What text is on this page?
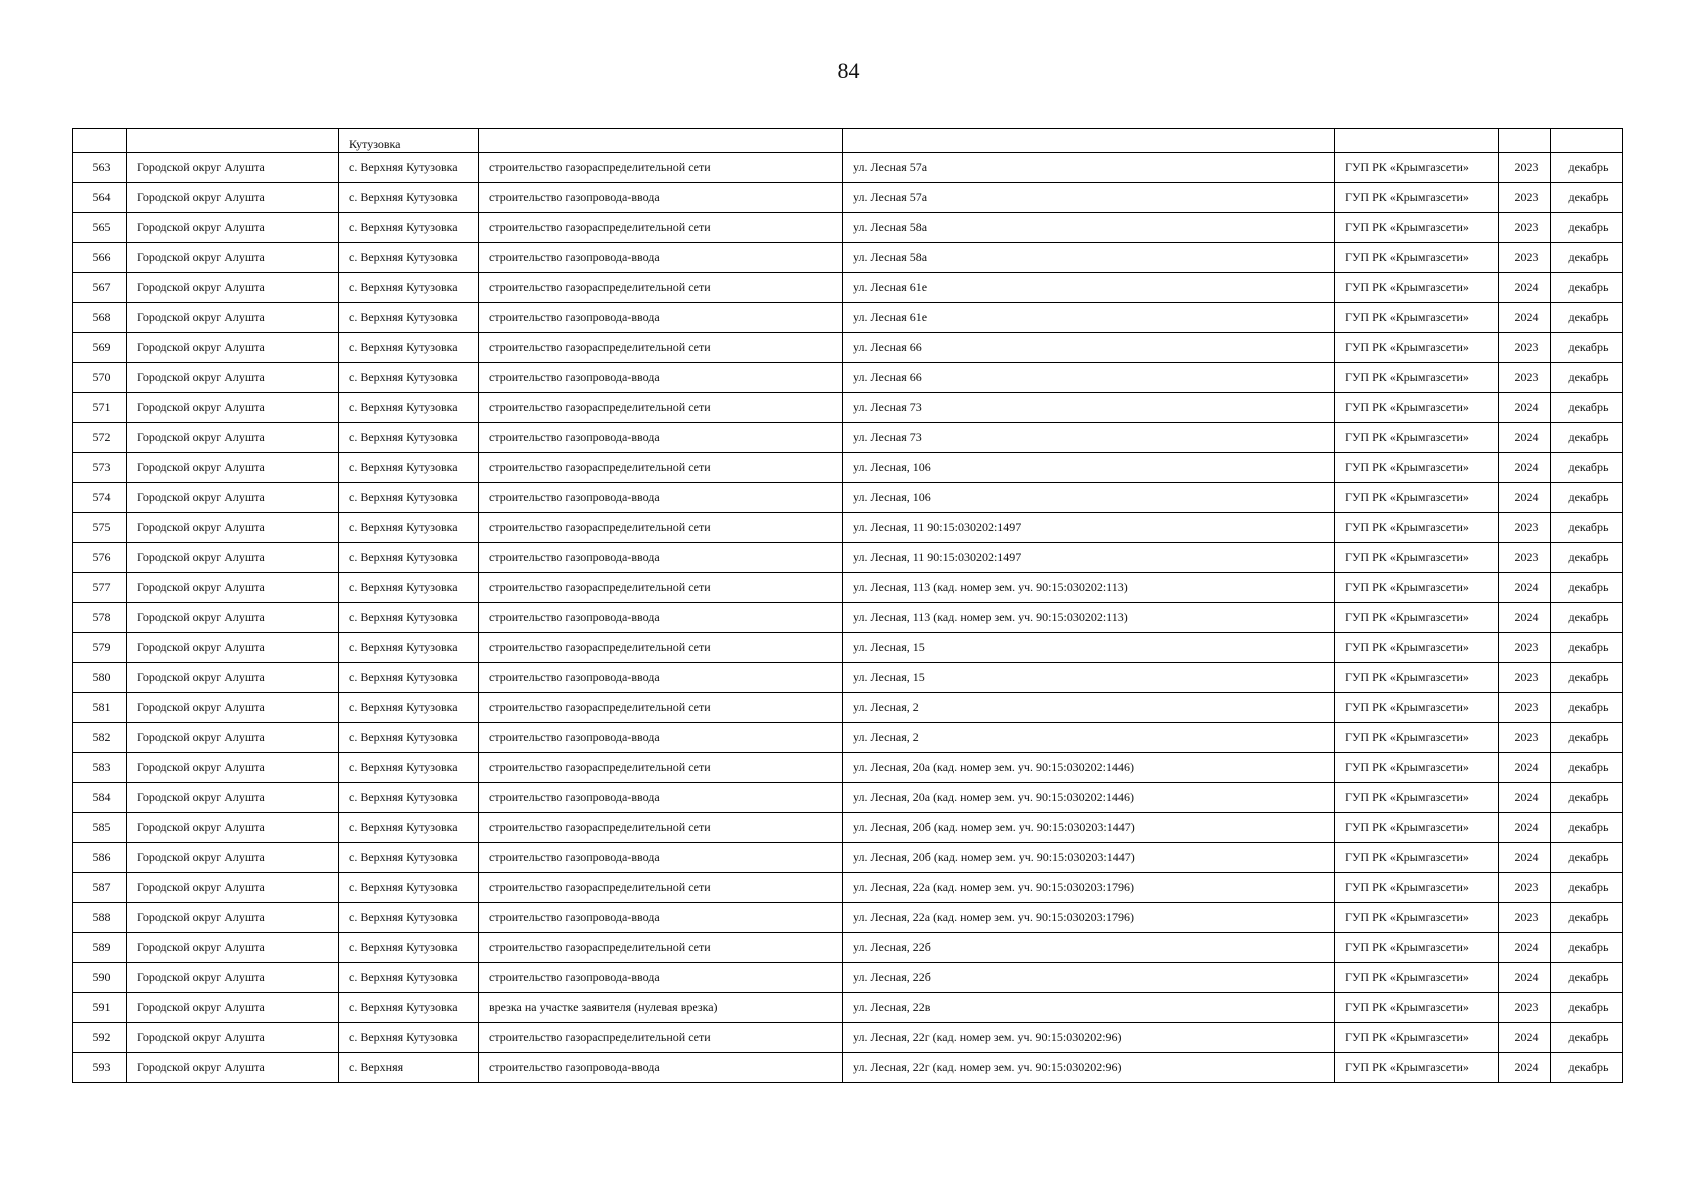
84
		Кутузовка					
563	Городской округ Алушта	с. Верхняя Кутузовка	строительство газораспределительной сети	ул. Лесная 57а	ГУП РК «Крымгазсети»	2023	декабрь
564	Городской округ Алушта	с. Верхняя Кутузовка	строительство газопровода-ввода	ул. Лесная 57а	ГУП РК «Крымгазсети»	2023	декабрь
565	Городской округ Алушта	с. Верхняя Кутузовка	строительство газораспределительной сети	ул. Лесная 58а	ГУП РК «Крымгазсети»	2023	декабрь
566	Городской округ Алушта	с. Верхняя Кутузовка	строительство газопровода-ввода	ул. Лесная 58а	ГУП РК «Крымгазсети»	2023	декабрь
567	Городской округ Алушта	с. Верхняя Кутузовка	строительство газораспределительной сети	ул. Лесная 61е	ГУП РК «Крымгазсети»	2024	декабрь
568	Городской округ Алушта	с. Верхняя Кутузовка	строительство газопровода-ввода	ул. Лесная 61е	ГУП РК «Крымгазсети»	2024	декабрь
569	Городской округ Алушта	с. Верхняя Кутузовка	строительство газораспределительной сети	ул. Лесная 66	ГУП РК «Крымгазсети»	2023	декабрь
570	Городской округ Алушта	с. Верхняя Кутузовка	строительство газопровода-ввода	ул. Лесная 66	ГУП РК «Крымгазсети»	2023	декабрь
571	Городской округ Алушта	с. Верхняя Кутузовка	строительство газораспределительной сети	ул. Лесная 73	ГУП РК «Крымгазсети»	2024	декабрь
572	Городской округ Алушта	с. Верхняя Кутузовка	строительство газопровода-ввода	ул. Лесная 73	ГУП РК «Крымгазсети»	2024	декабрь
573	Городской округ Алушта	с. Верхняя Кутузовка	строительство газораспределительной сети	ул. Лесная, 106	ГУП РК «Крымгазсети»	2024	декабрь
574	Городской округ Алушта	с. Верхняя Кутузовка	строительство газопровода-ввода	ул. Лесная, 106	ГУП РК «Крымгазсети»	2024	декабрь
575	Городской округ Алушта	с. Верхняя Кутузовка	строительство газораспределительной сети	ул. Лесная, 11 90:15:030202:1497	ГУП РК «Крымгазсети»	2023	декабрь
576	Городской округ Алушта	с. Верхняя Кутузовка	строительство газопровода-ввода	ул. Лесная, 11 90:15:030202:1497	ГУП РК «Крымгазсети»	2023	декабрь
577	Городской округ Алушта	с. Верхняя Кутузовка	строительство газораспределительной сети	ул. Лесная, 113 (кад. номер зем. уч. 90:15:030202:113)	ГУП РК «Крымгазсети»	2024	декабрь
578	Городской округ Алушта	с. Верхняя Кутузовка	строительство газопровода-ввода	ул. Лесная, 113 (кад. номер зем. уч. 90:15:030202:113)	ГУП РК «Крымгазсети»	2024	декабрь
579	Городской округ Алушта	с. Верхняя Кутузовка	строительство газораспределительной сети	ул. Лесная, 15	ГУП РК «Крымгазсети»	2023	декабрь
580	Городской округ Алушта	с. Верхняя Кутузовка	строительство газопровода-ввода	ул. Лесная, 15	ГУП РК «Крымгазсети»	2023	декабрь
581	Городской округ Алушта	с. Верхняя Кутузовка	строительство газораспределительной сети	ул. Лесная, 2	ГУП РК «Крымгазсети»	2023	декабрь
582	Городской округ Алушта	с. Верхняя Кутузовка	строительство газопровода-ввода	ул. Лесная, 2	ГУП РК «Крымгазсети»	2023	декабрь
583	Городской округ Алушта	с. Верхняя Кутузовка	строительство газораспределительной сети	ул. Лесная, 20а (кад. номер зем. уч. 90:15:030202:1446)	ГУП РК «Крымгазсети»	2024	декабрь
584	Городской округ Алушта	с. Верхняя Кутузовка	строительство газопровода-ввода	ул. Лесная, 20а (кад. номер зем. уч. 90:15:030202:1446)	ГУП РК «Крымгазсети»	2024	декабрь
585	Городской округ Алушта	с. Верхняя Кутузовка	строительство газораспределительной сети	ул. Лесная, 20б (кад. номер зем. уч. 90:15:030203:1447)	ГУП РК «Крымгазсети»	2024	декабрь
586	Городской округ Алушта	с. Верхняя Кутузовка	строительство газопровода-ввода	ул. Лесная, 20б (кад. номер зем. уч. 90:15:030203:1447)	ГУП РК «Крымгазсети»	2024	декабрь
587	Городской округ Алушта	с. Верхняя Кутузовка	строительство газораспределительной сети	ул. Лесная, 22а (кад. номер зем. уч. 90:15:030203:1796)	ГУП РК «Крымгазсети»	2023	декабрь
588	Городской округ Алушта	с. Верхняя Кутузовка	строительство газопровода-ввода	ул. Лесная, 22а (кад. номер зем. уч. 90:15:030203:1796)	ГУП РК «Крымгазсети»	2023	декабрь
589	Городской округ Алушта	с. Верхняя Кутузовка	строительство газораспределительной сети	ул. Лесная, 22б	ГУП РК «Крымгазсети»	2024	декабрь
590	Городской округ Алушта	с. Верхняя Кутузовка	строительство газопровода-ввода	ул. Лесная, 22б	ГУП РК «Крымгазсети»	2024	декабрь
591	Городской округ Алушта	с. Верхняя Кутузовка	врезка на участке заявителя (нулевая врезка)	ул. Лесная, 22в	ГУП РК «Крымгазсети»	2023	декабрь
592	Городской округ Алушта	с. Верхняя Кутузовка	строительство газораспределительной сети	ул. Лесная, 22г (кад. номер зем. уч. 90:15:030202:96)	ГУП РК «Крымгазсети»	2024	декабрь
593	Городской округ Алушта	с. Верхняя	строительство газопровода-ввода	ул. Лесная, 22г (кад. номер зем. уч. 90:15:030202:96)	ГУП РК «Крымгазсети»	2024	декабрь
